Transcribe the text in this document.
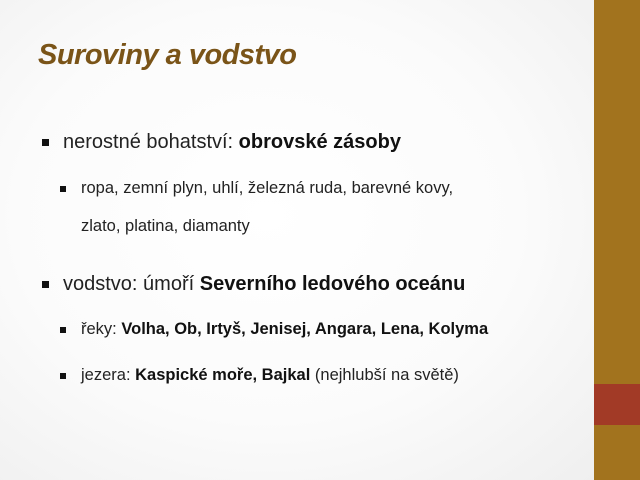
Suroviny a vodstvo
nerostné bohatství: obrovské zásoby
ropa, zemní plyn, uhlí, železná ruda, barevné kovy,
zlato, platina, diamanty
vodstvo: úmoří Severního ledového oceánu
řeky: Volha, Ob, Irtyš, Jenisej, Angara, Lena, Kolyma
jezera: Kaspické moře, Bajkal (nejhlubší na světě)
